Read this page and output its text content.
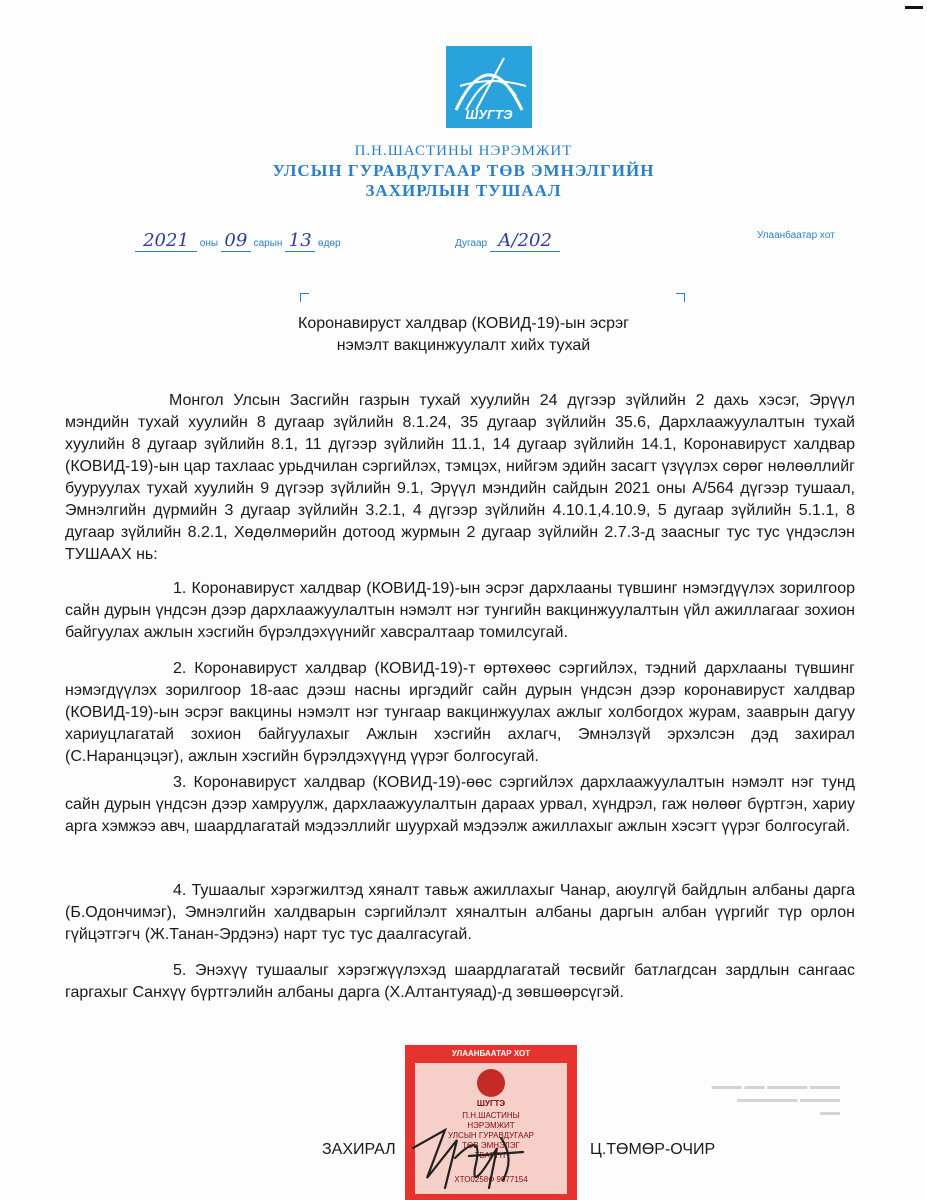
ШУГТЭ
П.Н.ШАСТИНЫ НЭРЭМЖИТ
УЛСЫН ГУРАВДУГААР ТӨВ ЭМНЭЛГИЙН
ЗАХИРЛЫН ТУШААЛ
2021 оны 09 сарын 13 өдөр	Дугаар А/202	Улаанбаатар хот
Коронавируст халдвар (КОВИД-19)-ын эсрэг
нэмэлт вакцинжуулалт хийх тухай
Монгол Улсын Засгийн газрын тухай хуулийн 24 дүгээр зүйлийн 2 дахь хэсэг, Эрүүл мэндийн тухай хуулийн 8 дугаар зүйлийн 8.1.24, 35 дугаар зүйлийн 35.6, Дархлаажуулалтын тухай хуулийн 8 дугаар зүйлийн 8.1, 11 дүгээр зүйлийн 11.1, 14 дугаар зүйлийн 14.1, Коронавируст халдвар (КОВИД-19)-ын цар тахлаас урьдчилан сэргийлэх, тэмцэх, нийгэм эдийн засагт үзүүлэх сөрөг нөлөөллийг бууруулах тухай хуулийн 9 дүгээр зүйлийн 9.1, Эрүүл мэндийн сайдын 2021 оны А/564 дүгээр тушаал, Эмнэлгийн дүрмийн 3 дугаар зүйлийн 3.2.1, 4 дүгээр зүйлийн 4.10.1,4.10.9, 5 дугаар зүйлийн 5.1.1, 8 дугаар зүйлийн 8.2.1, Хөдөлмөрийн дотоод журмын 2 дугаар зүйлийн 2.7.3-д заасныг тус тус үндэслэн ТУШААХ нь:
1. Коронавируст халдвар (КОВИД-19)-ын эсрэг дархлааны түвшинг нэмэгдүүлэх зорилгоор сайн дурын үндсэн дээр дархлаажуулалтын нэмэлт нэг тунгийн вакцинжуулалтын үйл ажиллагааг зохион байгуулах ажлын хэсгийн бүрэлдэхүүнийг хавсралтаар томилсугай.
2. Коронавируст халдвар (КОВИД-19)-т өртөхөөс сэргийлэх, тэдний дархлааны түвшинг нэмэгдүүлэх зорилгоор 18-аас дээш насны иргэдийг сайн дурын үндсэн дээр коронавируст халдвар (КОВИД-19)-ын эсрэг вакцины нэмэлт нэг тунгаар вакцинжуулах ажлыг холбогдох журам, зааврын дагуу хариуцлагатай зохион байгуулахыг Ажлын хэсгийн ахлагч, Эмнэлзүй эрхэлсэн дэд захирал (С.Наранцэцэг), ажлын хэсгийн бүрэлдэхүүнд үүрэг болгосугай.
3. Коронавируст халдвар (КОВИД-19)-өөс сэргийлэх дархлаажуулалтын нэмэлт нэг тунд сайн дурын үндсэн дээр хамруулж, дархлаажуулалтын дараах урвал, хүндрэл, гаж нөлөөг бүртгэн, хариу арга хэмжээ авч, шаардлагатай мэдээллийг шуурхай мэдээлж ажиллахыг ажлын хэсэгт үүрэг болгосугай.
4. Тушаалыг хэрэгжилтэд хяналт тавьж ажиллахыг Чанар, аюулгүй байдлын албаны дарга (Б.Одончимэг), Эмнэлгийн халдварын сэргийлэлт хяналтын албаны даргын албан үүргийг түр орлон гүйцэтгэгч (Ж.Танан-Эрдэнэ) нарт тус тус даалгасугай.
5. Энэхүү тушаалыг хэрэгжүүлэхэд шаардлагатай төсвийг батлагдсан зардлын сангаас гаргахыг Санхүү бүртгэлийн албаны дарга (Х.Алтантуяад)-д зөвшөөрсүгэй.
▬▬▬ ▬▬▬▬ ▬▬ ▬▬▬
▬▬▬▬ ▬▬▬▬▬▬
▬▬
УЛААНБААТАР ХОТ
ШУГТЭ
П.Н.ШАСТИНЫ
НЭРЭМЖИТ
УЛСЫН ГУРАВДУГААР
ТӨВ ЭМНЭЛЭГ
ТБАГҮҮГ
ХТО0258Ф 9077154
ЗАХИРАЛ	Ц.ТӨМӨР-ОЧИР
